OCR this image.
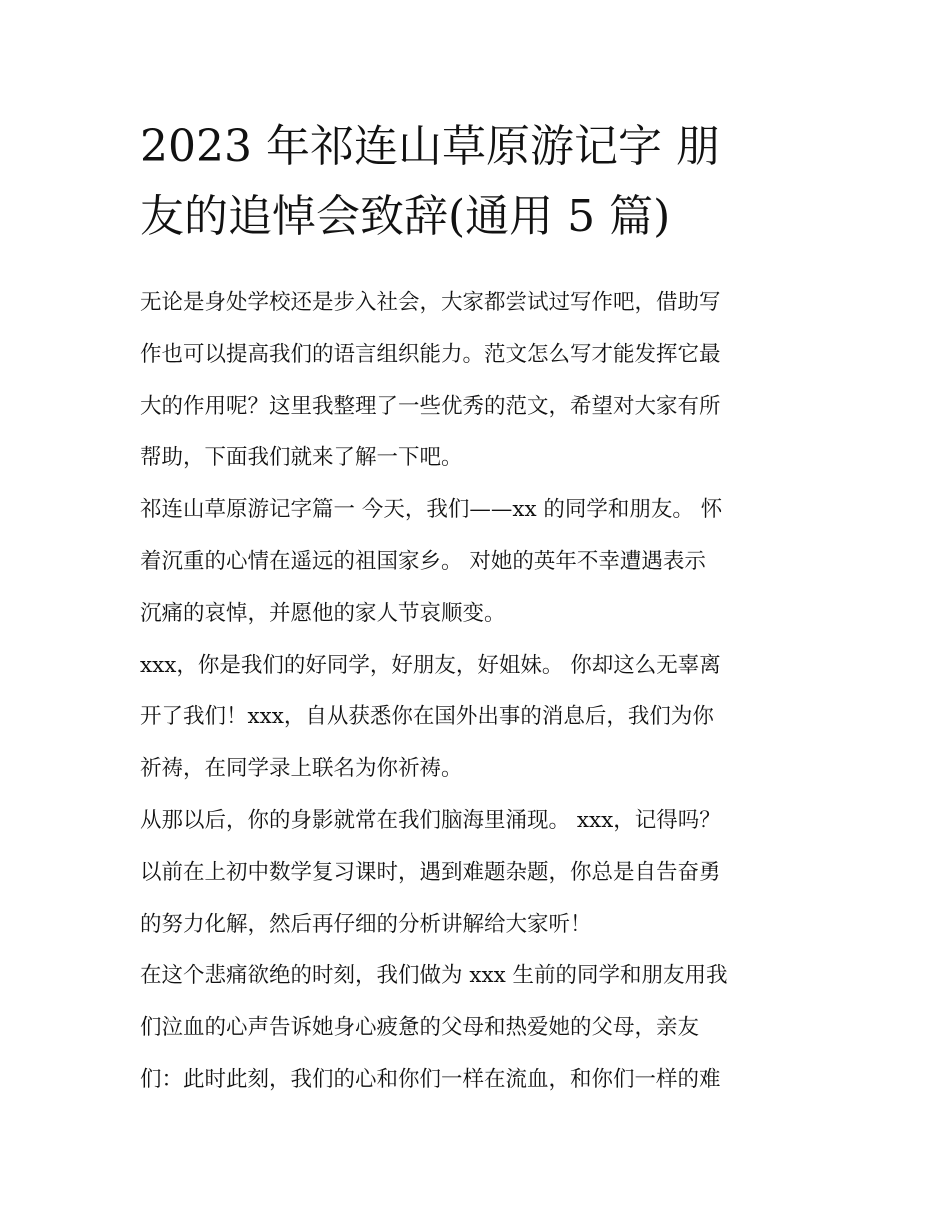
2023 年祁连山草原游记字 朋
友的追悼会致辞(通用 5 篇)

无论是身处学校还是步入社会，大家都尝试过写作吧，借助写
作也可以提高我们的语言组织能力。范文怎么写才能发挥它最
大的作用呢？这里我整理了一些优秀的范文，希望对大家有所
帮助，下面我们就来了解一下吧。

祁连山草原游记字篇一 今天，我们——xx 的同学和朋友。 怀
着沉重的心情在遥远的祖国家乡。 对她的英年不幸遭遇表示
沉痛的哀悼，并愿他的家人节哀顺变。

xxx，你是我们的好同学，好朋友，好姐妹。 你却这么无辜离
开了我们！xxx，自从获悉你在国外出事的消息后，我们为你
祈祷，在同学录上联名为你祈祷。

从那以后，你的身影就常在我们脑海里涌现。 xxx，记得吗？
以前在上初中数学复习课时，遇到难题杂题，你总是自告奋勇
的努力化解，然后再仔细的分析讲解给大家听！

在这个悲痛欲绝的时刻，我们做为 xxx 生前的同学和朋友用我
们泣血的心声告诉她身心疲惫的父母和热爱她的父母，亲友
们：此时此刻，我们的心和你们一样在流血，和你们一样的难
